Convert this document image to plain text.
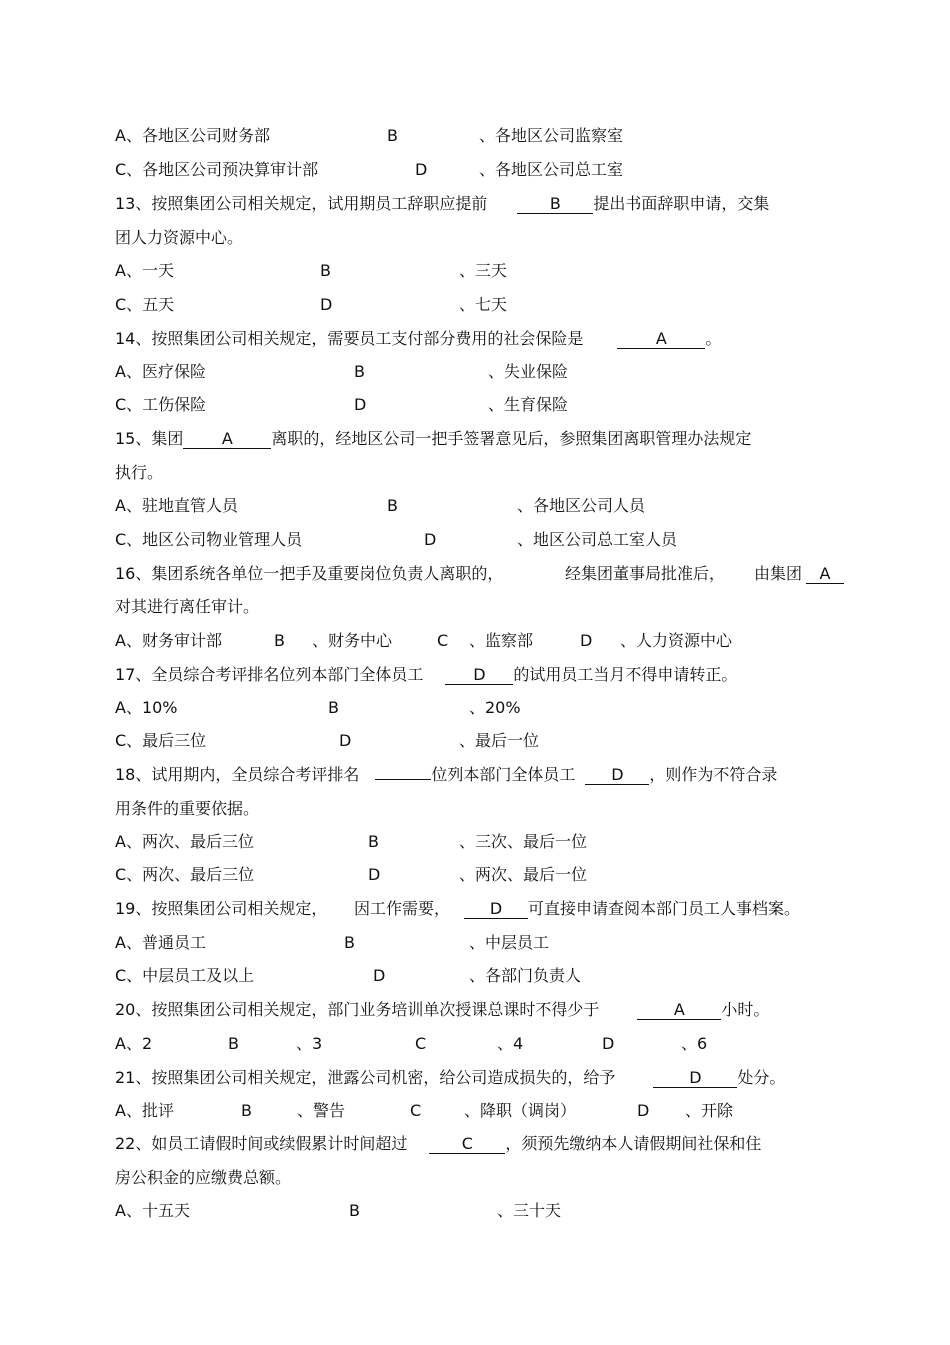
A、各地区公司财务部	B	、各地区公司监察室
C、各地区公司预决算审计部	D	、各地区公司总工室
13、按照集团公司相关规定，试用期员工辞职应提前	B 提出书面辞职申请，交集
团人力资源中心。
A、一天	B	、三天
C、五天	D	、七天
14、按照集团公司相关规定，需要员工支付部分费用的社会保险是	A 。
A、医疗保险	B	、失业保险
C、工伤保险	D	、生育保险
15、集团 A 离职的，经地区公司一把手签署意见后，参照集团离职管理办法规定
执行。
A、驻地直管人员	B	、各地区公司人员
C、地区公司物业管理人员	D	、地区公司总工室人员
16、集团系统各单位一把手及重要岗位负责人离职的，	经集团董事局批准后， 由集团 A
对其进行离任审计。
A、财务审计部	B 、财务中心	C 、监察部	D 、人力资源中心
17、全员综合考评排名位列本部门全体员工	D 的试用员工当月不得申请转正。
A、10%	B	、20%
C、最后三位	D	、最后一位
18、试用期内，全员综合考评排名	位列本部门全体员工 D ，则作为不符合录
用条件的重要依据。
A、两次、最后三位	B	、三次、最后一位
C、两次、最后三位	D	、两次、最后一位
19、按照集团公司相关规定， 因工作需要， D 可直接申请查阅本部门员工人事档案。
A、普通员工	B	、中层员工
C、中层员工及以上	D	、各部门负责人
20、按照集团公司相关规定，部门业务培训单次授课总课时不得少于	A 小时。
A、2	B	、3	C	、4	D	、6
21、按照集团公司相关规定，泄露公司机密，给公司造成损失的，给予	D 处分。
A、批评	B	、警告	C	、降职（调岗）	D 、开除
22、如员工请假时间或续假累计时间超过	C ，须预先缴纳本人请假期间社保和住
房公积金的应缴费总额。
A、十五天	B	、三十天
